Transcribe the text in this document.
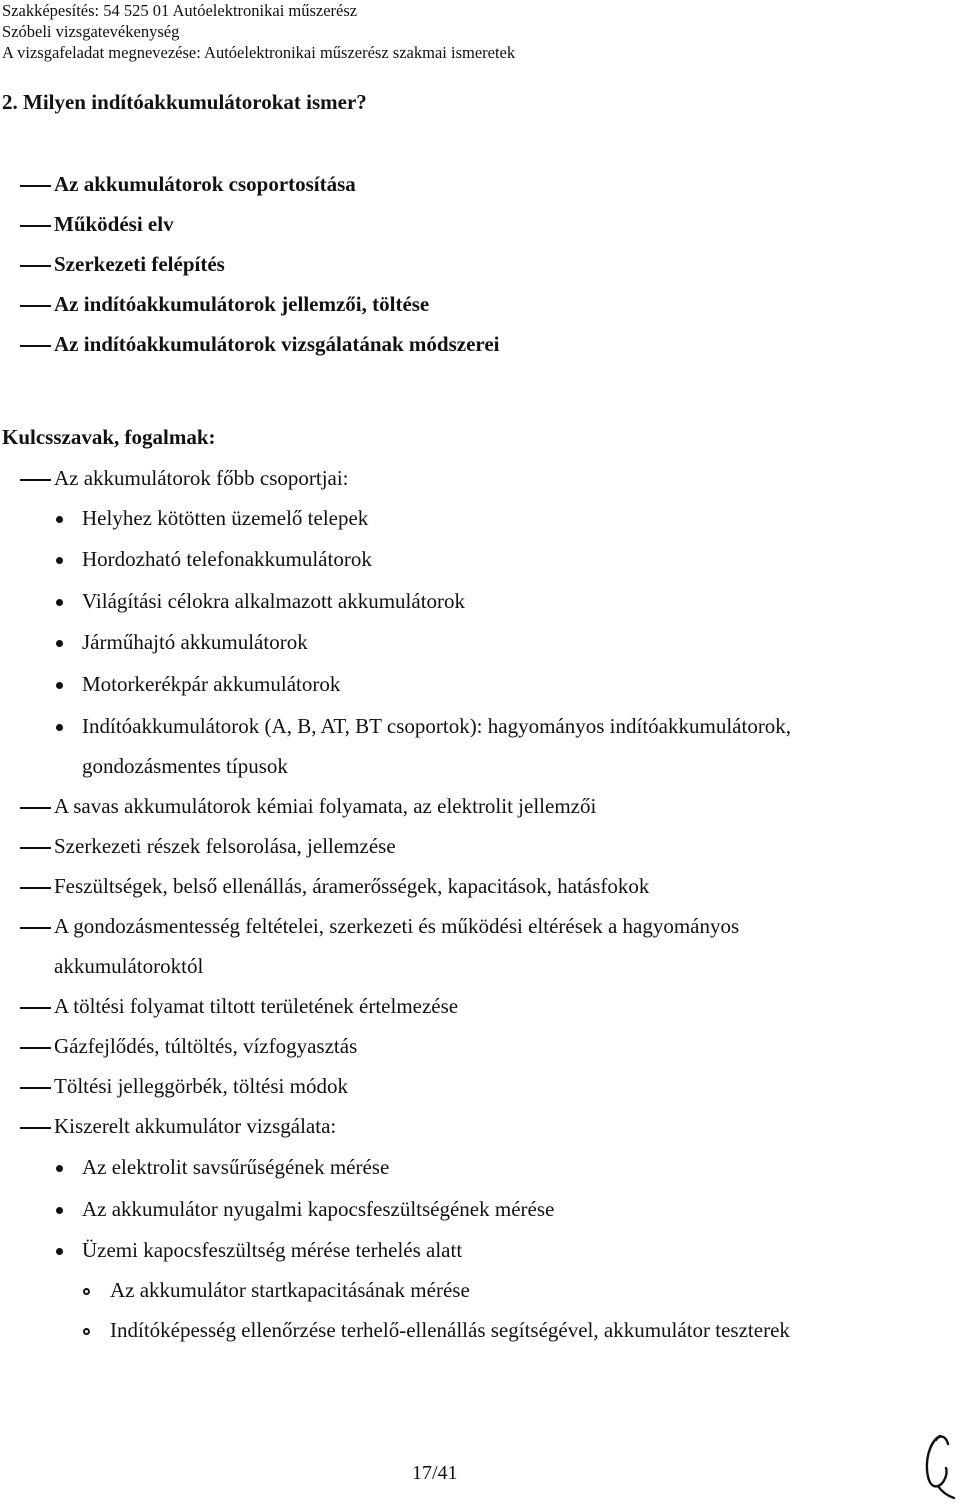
Szakképesítés: 54 525 01 Autóelektronikai műszerész
Szóbeli vizsgatevékenység
A vizsgafeladat megnevezése: Autóelektronikai műszerész szakmai ismeretek
2. Milyen indítóakkumulátorokat ismer?
Az akkumulátorok csoportosítása
Működési elv
Szerkezeti felépítés
Az indítóakkumulátorok jellemzői, töltése
Az indítóakkumulátorok vizsgálatának módszerei
Kulcsszavak, fogalmak:
Az akkumulátorok főbb csoportjai:
Helyhez kötötten üzemelő telepek
Hordozható telefonakkumulátorok
Világítási célokra alkalmazott akkumulátorok
Járműhajtó akkumulátorok
Motorkerékpár akkumulátorok
Indítóakkumulátorok (A, B, AT, BT csoportok): hagyományos indítóakkumulátorok,
gondozásmentes típusok
A savas akkumulátorok kémiai folyamata, az elektrolit jellemzői
Szerkezeti részek felsorolása, jellemzése
Feszültségek, belső ellenállás, áramerősségek, kapacitások, hatásfokok
A gondozásmentesség feltételei, szerkezeti és működési eltérések a hagyományos
akkumulátoroktól
A töltési folyamat tiltott területének értelmezése
Gázfejlődés, túltöltés, vízfogyasztás
Töltési jelleggörbék, töltési módok
Kiszerelt akkumulátor vizsgálata:
Az elektrolit savsűrűségének mérése
Az akkumulátor nyugalmi kapocsfeszültségének mérése
Üzemi kapocsfeszültség mérése terhelés alatt
Az akkumulátor startkapacitásának mérése
Indítóképesség ellenőrzése terhelő-ellenállás segítségével, akkumulátor teszterek
17/41
